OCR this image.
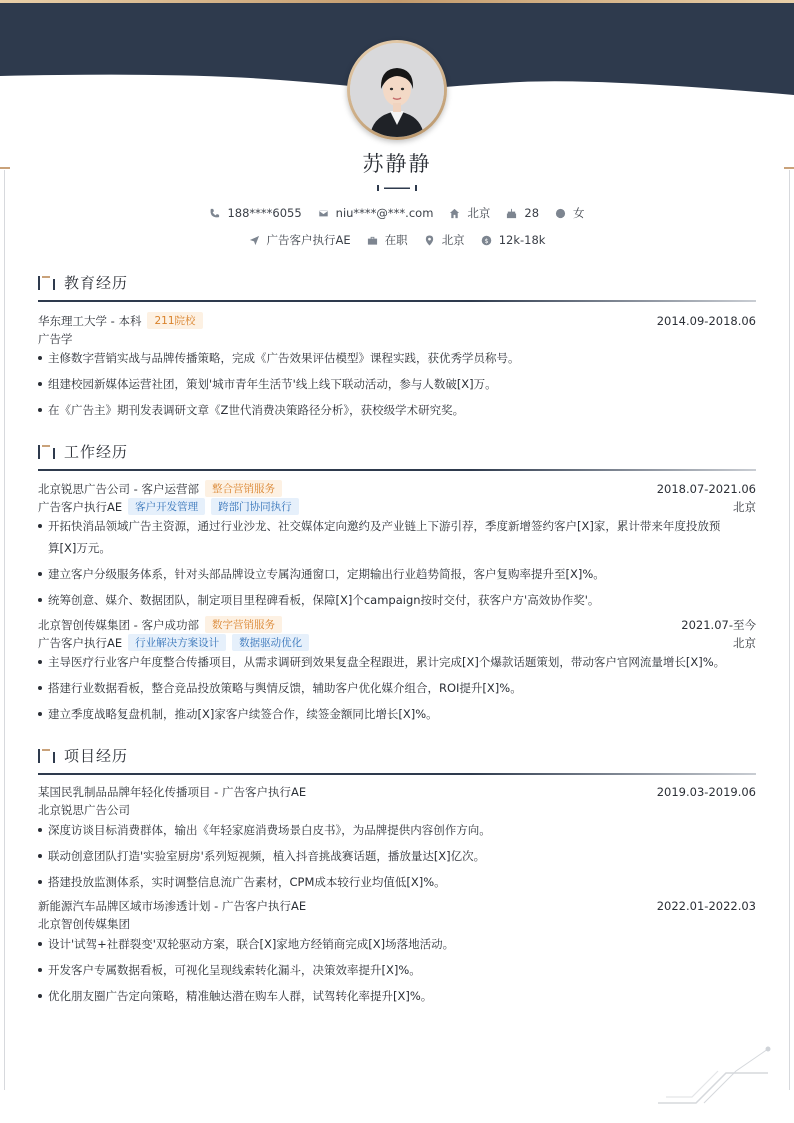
苏静静
188****6055	niu****@***.com	北京	28	女
广告客户执行AE	在职	北京	$ 12k-18k
教育经历
华东理工大学 - 本科	211院校	2014.09-2018.06
广告学
主修数字营销实战与品牌传播策略，完成《广告效果评估模型》课程实践，获优秀学员称号。
组建校园新媒体运营社团，策划'城市青年生活节'线上线下联动活动，参与人数破[X]万。
在《广告主》期刊发表调研文章《Z世代消费决策路径分析》，获校级学术研究奖。
工作经历
北京锐思广告公司 - 客户运营部	整合营销服务	2018.07-2021.06
广告客户执行AE	客户开发管理	跨部门协同执行	北京
开拓快消品领域广告主资源，通过行业沙龙、社交媒体定向邀约及产业链上下游引荐，季度新增签约客户[X]家，累计带来年度投放预
算[X]万元。
建立客户分级服务体系，针对头部品牌设立专属沟通窗口，定期输出行业趋势简报，客户复购率提升至[X]%。
统筹创意、媒介、数据团队，制定项目里程碑看板，保障[X]个campaign按时交付，获客户方'高效协作奖'。
北京智创传媒集团 - 客户成功部	数字营销服务	2021.07-至今
广告客户执行AE	行业解决方案设计	数据驱动优化	北京
主导医疗行业客户年度整合传播项目，从需求调研到效果复盘全程跟进，累计完成[X]个爆款话题策划，带动客户官网流量增长[X]%。
搭建行业数据看板，整合竞品投放策略与舆情反馈，辅助客户优化媒介组合，ROI提升[X]%。
建立季度战略复盘机制，推动[X]家客户续签合作，续签金额同比增长[X]%。
项目经历
某国民乳制品品牌年轻化传播项目 - 广告客户执行AE	2019.03-2019.06
北京锐思广告公司
深度访谈目标消费群体，输出《年轻家庭消费场景白皮书》，为品牌提供内容创作方向。
联动创意团队打造'实验室厨房'系列短视频，植入抖音挑战赛话题，播放量达[X]亿次。
搭建投放监测体系，实时调整信息流广告素材，CPM成本较行业均值低[X]%。
新能源汽车品牌区域市场渗透计划 - 广告客户执行AE	2022.01-2022.03
北京智创传媒集团
设计'试驾+社群裂变'双轮驱动方案，联合[X]家地方经销商完成[X]场落地活动。
开发客户专属数据看板，可视化呈现线索转化漏斗，决策效率提升[X]%。
优化朋友圈广告定向策略，精准触达潜在购车人群，试驾转化率提升[X]%。
